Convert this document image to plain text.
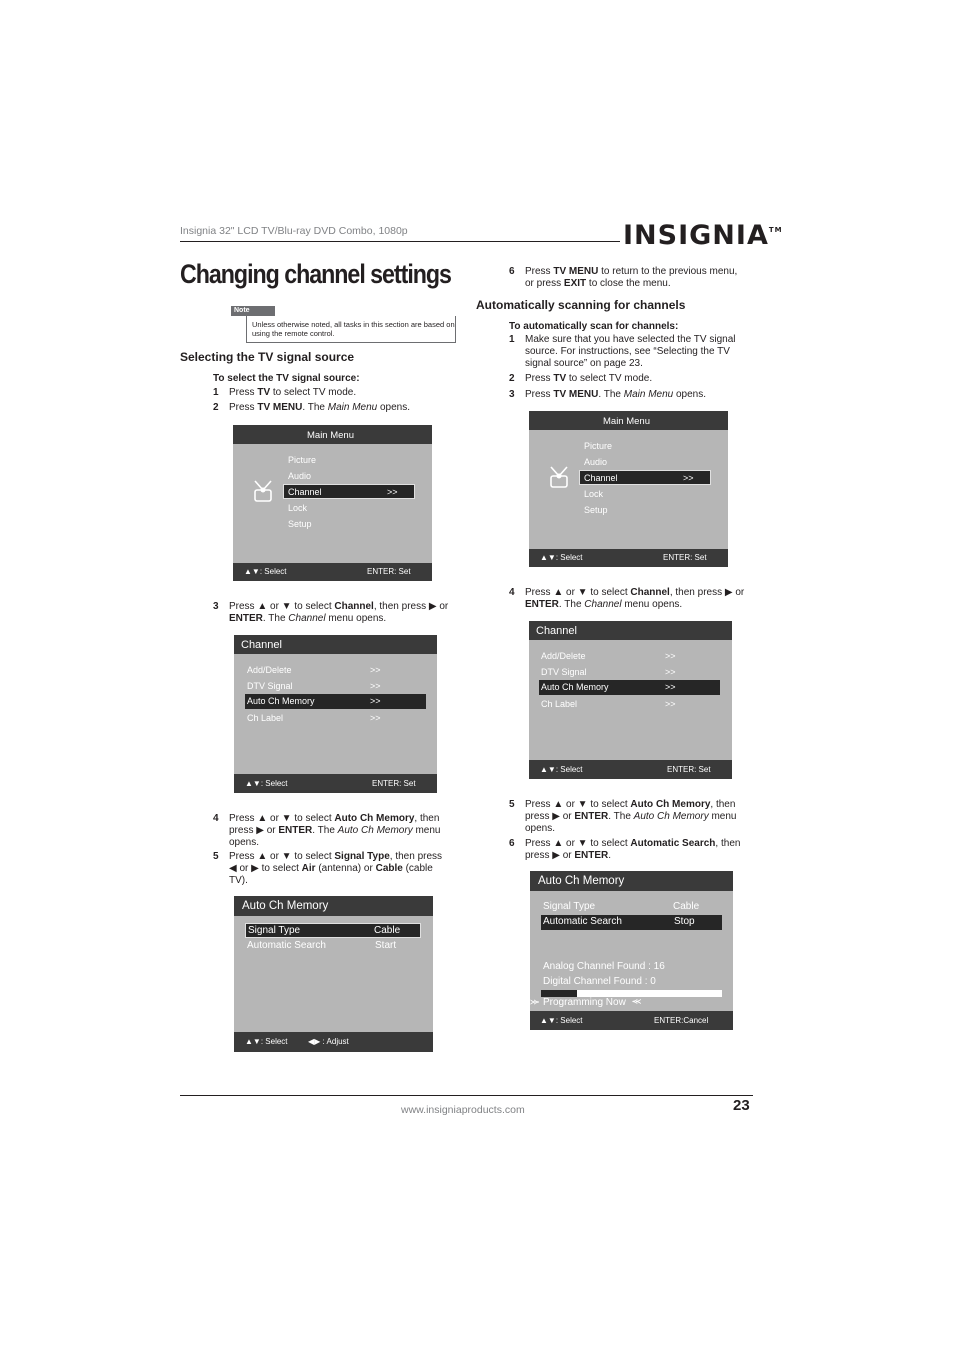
Insignia 32" LCD TV/Blu-ray DVD Combo, 1080p	INSIGNIA™
Changing channel settings
Note
Unless otherwise noted, all tasks in this section are based on using the remote control.
Selecting the TV signal source
To select the TV signal source:
1 Press TV to select TV mode.
2 Press TV MENU. The Main Menu opens.
Main Menu
Picture
Audio
Channel	>>
Lock
Setup
▲▼: Select	ENTER: Set
3 Press ▲ or ▼ to select Channel, then press ▶ or
ENTER. The Channel menu opens.
Channel
Add/Delete	>>
DTV Signal	>>
Auto Ch Memory	>>
Ch Label	>>
▲▼: Select	ENTER: Set
4 Press ▲ or ▼ to select Auto Ch Memory, then
press ▶ or ENTER. The Auto Ch Memory menu
opens.
5 Press ▲ or ▼ to select Signal Type, then press
◀ or ▶ to select Air (antenna) or Cable (cable
TV).
Auto Ch Memory
Signal Type	Cable
Automatic Search	Start
▲▼: Select	◀▶ : Adjust
6 Press TV MENU to return to the previous menu,
or press EXIT to close the menu.
Automatically scanning for channels
To automatically scan for channels:
1 Make sure that you have selected the TV signal
source. For instructions, see “Selecting the TV
signal source” on page 23.
2 Press TV to select TV mode.
3 Press TV MENU. The Main Menu opens.
Main Menu
Picture
Audio
Channel	>>
Lock
Setup
▲▼: Select	ENTER: Set
4 Press ▲ or ▼ to select Channel, then press ▶ or
ENTER. The Channel menu opens.
Channel
Add/Delete	>>
DTV Signal	>>
Auto Ch Memory	>>
Ch Label	>>
▲▼: Select	ENTER: Set
5 Press ▲ or ▼ to select Auto Ch Memory, then
press ▶ or ENTER. The Auto Ch Memory menu
opens.
6 Press ▲ or ▼ to select Automatic Search, then
press ▶ or ENTER.
Auto Ch Memory
Signal Type	Cable
Automatic Search	Stop
Analog Channel Found : 16
Digital Channel Found : 0
⪼ Programming Now ⪻
▲▼: Select	ENTER:Cancel
www.insigniaproducts.com	23
